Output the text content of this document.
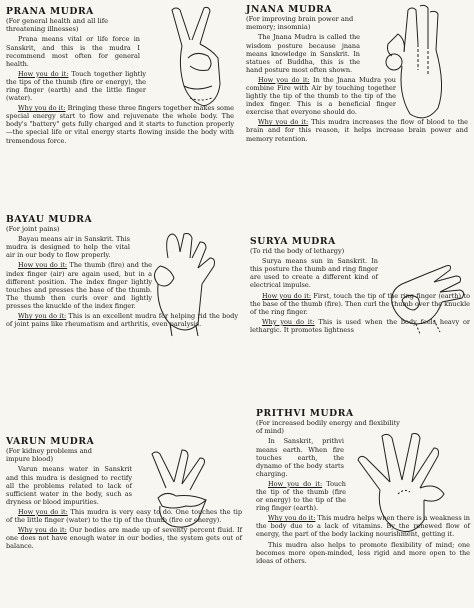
PRANA MUDRA
(For general health and all life threatening illnesses)

Prana means vital or life force in Sanskrit, and this is the mudra I recommend most often for general health.

How you do it: Touch together lightly the tips of the thumb (fire or energy), the ring finger (earth) and the little finger (water).

Why you do it: Bringing these three fingers together makes some special energy start to flow and rejuvenate the whole body. The body's "battery" gets fully charged and it starts to function properly—the special life or vital energy starts flowing inside the body with tremendous force.

JNANA MUDRA
(For improving brain power and memory; insomnia)

The Jnana Mudra is called the wisdom posture because jnana means knowledge in Sanskrit. In statues of Buddha, this is the hand posture most often shown.

How you do it: In the Jnana Mudra you combine Fire with Air by touching together lightly the tip of the thumb to the tip of the index finger. This is a beneficial finger exercise that everyone should do.

Why you do it: This mudra increases the flow of blood to the brain and for this reason, it helps increase brain power and memory retention.

BAYAU MUDRA
(For joint pains)

Bayau means air in Sanskrit. This mudra is designed to help the vital air in our body to flow properly.

How you do it: The thumb (fire) and the index finger (air) are again used, but in a different position. The index finger lightly touches and presses the base of the thumb. The thumb then curls over and lightly presses the knuckle of the index finger.

Why you do it: This is an excellent mudra for helping rid the body of joint pains like rheumatism and arthritis, even paralysis.

SURYA MUDRA
(To rid the body of lethargy)

Surya means sun in Sanskrit. In this posture the thumb and ring finger are used to create a different kind of electrical impulse.

How you do it: First, touch the tip of the ring finger (earth) to the base of the thumb (fire). Then curl the thumb over the knuckle of the ring finger.

Why you do it: This is used when the body feels heavy or lethargic. It promotes lightness

VARUN MUDRA
(For kidney problems and impure blood)

Varun means water in Sanskrit and this mudra is designed to rectify all the problems related to lack of sufficient water in the body, such as dryness or blood impurities.

How you do it: This mudra is very easy to do. One touches the tip of the little finger (water) to the tip of the thumb (fire or energy).

Why you do it: Our bodies are made up of seventy percent fluid. If one does not have enough water in our bodies, the system gets out of balance.

PRITHVI MUDRA
(For increased bodily energy and flexibility of mind)

In Sanskrit, prithvi means earth. When fire touches earth, the dynamo of the body starts charging.

How you do it: Touch the tip of the thumb (fire or energy) to the tip of the ring finger (earth).

Why you do it: This mudra helps when there is a weakness in the body due to a lack of vitamins. By the renewed flow of energy, the part of the body lacking nourishment, getting it.

This mudra also helps to promote flexibility of mind; one becomes more open-minded, less rigid and more open to the ideas of others.
